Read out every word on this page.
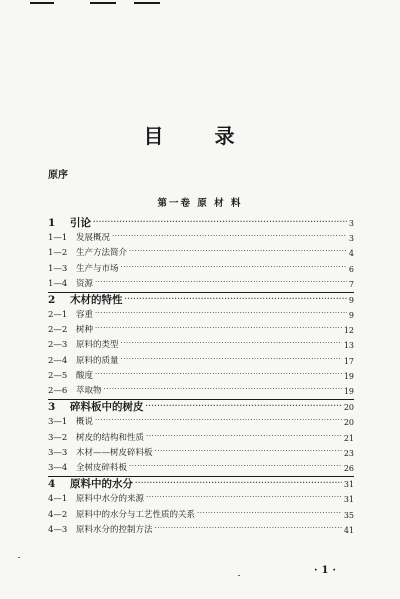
目 录
原序
第一卷 原 材 料
1	引论 ·····	3
1—1	发展概况 ·····	3
1—2	生产方法简介 ·····	4
1—3	生产与市场 ·····	6
1—4	资源 ·····	7
2	木材的特性 ·····	9
2—1	容重 ·····	9
2—2	树种 ·····	12
2—3	原料的类型 ·····	13
2—4	原料的质量 ·····	17
2—5	酸度 ·····	19
2—6	萃取物 ·····	19
3	碎料板中的树皮 ·····	20
3—1	概说 ·····	20
3—2	树皮的结构和性质 ·····	21
3—3	木材——树皮碎料板 ·····	23
3—4	全树皮碎料板 ·····	26
4	原料中的水分 ·····	31
4—1	原料中水分的来源 ·····	31
4—2	原料中的水分与工艺性质的关系 ·····	35
4—3	原料水分的控制方法 ·····	41
·1·
